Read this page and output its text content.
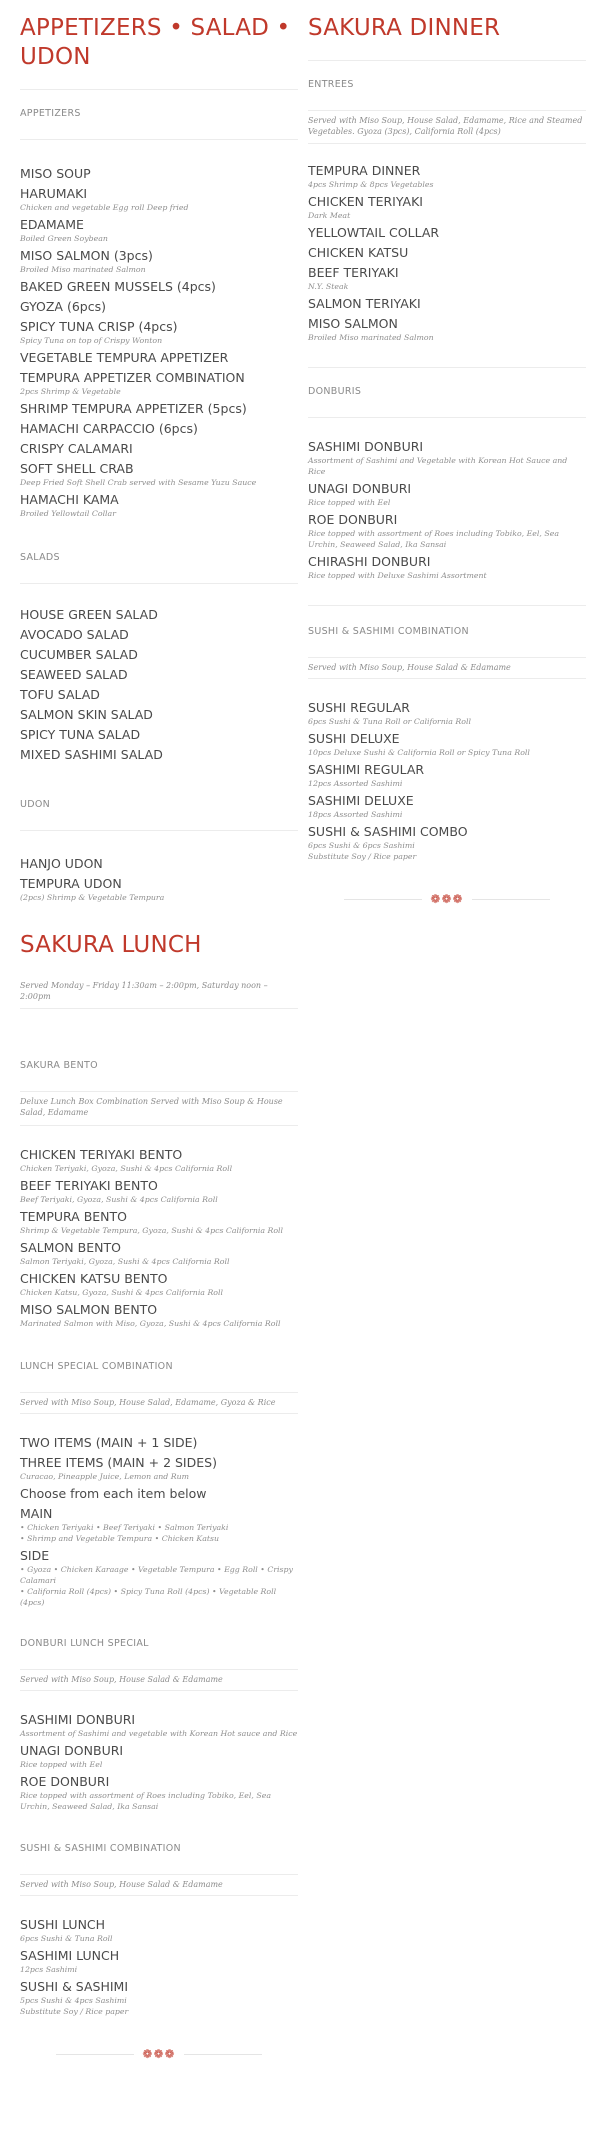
APPETIZERS • SALAD •
UDON
APPETIZERS
MISO SOUP
HARUMAKI
Chicken and vegetable Egg roll Deep fried
EDAMAME
Boiled Green Soybean
MISO SALMON (3pcs)
Broiled Miso marinated Salmon
BAKED GREEN MUSSELS (4pcs)
GYOZA (6pcs)
SPICY TUNA CRISP (4pcs)
Spicy Tuna on top of Crispy Wonton
VEGETABLE TEMPURA APPETIZER
TEMPURA APPETIZER COMBINATION
2pcs Shrimp & Vegetable
SHRIMP TEMPURA APPETIZER (5pcs)
HAMACHI CARPACCIO (6pcs)
CRISPY CALAMARI
SOFT SHELL CRAB
Deep Fried Soft Shell Crab served with Sesame Yuzu Sauce
HAMACHI KAMA
Broiled Yellowtail Collar
SALADS
HOUSE GREEN SALAD
AVOCADO SALAD
CUCUMBER SALAD
SEAWEED SALAD
TOFU SALAD
SALMON SKIN SALAD
SPICY TUNA SALAD
MIXED SASHIMI SALAD
UDON
HANJO UDON
TEMPURA UDON
(2pcs) Shrimp & Vegetable Tempura
SAKURA LUNCH
Served Monday – Friday 11:30am – 2:00pm, Saturday noon – 2:00pm
SAKURA BENTO
Deluxe Lunch Box Combination Served with Miso Soup & House Salad, Edamame
CHICKEN TERIYAKI BENTO
Chicken Teriyaki, Gyoza, Sushi & 4pcs California Roll
BEEF TERIYAKI BENTO
Beef Teriyaki, Gyoza, Sushi & 4pcs California Roll
TEMPURA BENTO
Shrimp & Vegetable Tempura, Gyoza, Sushi & 4pcs California Roll
SALMON BENTO
Salmon Teriyaki, Gyoza, Sushi & 4pcs California Roll
CHICKEN KATSU BENTO
Chicken Katsu, Gyoza, Sushi & 4pcs California Roll
MISO SALMON BENTO
Marinated Salmon with Miso, Gyoza, Sushi & 4pcs California Roll
LUNCH SPECIAL COMBINATION
Served with Miso Soup, House Salad, Edamame, Gyoza & Rice
TWO ITEMS (MAIN + 1 SIDE)
THREE ITEMS (MAIN + 2 SIDES)
Curacao, Pineapple Juice, Lemon and Rum
Choose from each item below
MAIN
• Chicken Teriyaki • Beef Teriyaki • Salmon Teriyaki
• Shrimp and Vegetable Tempura • Chicken Katsu
SIDE
• Gyoza • Chicken Karaage • Vegetable Tempura • Egg Roll • Crispy
Calamari
• California Roll (4pcs) • Spicy Tuna Roll (4pcs) • Vegetable Roll (4pcs)
DONBURI LUNCH SPECIAL
Served with Miso Soup, House Salad & Edamame
SASHIMI DONBURI
Assortment of Sashimi and vegetable with Korean Hot sauce and Rice
UNAGI DONBURI
Rice topped with Eel
ROE DONBURI
Rice topped with assortment of Roes including Tobiko, Eel, Sea Urchin, Seaweed Salad, Ika Sansai
SUSHI & SASHIMI COMBINATION
Served with Miso Soup, House Salad & Edamame
SUSHI LUNCH
6pcs Sushi & Tuna Roll
SASHIMI LUNCH
12pcs Sashimi
SUSHI & SASHIMI
5pcs Sushi & 4pcs Sashimi
Substitute Soy / Rice paper
❁❁❁
SAKURA DINNER
ENTREES
Served with Miso Soup, House Salad, Edamame, Rice and Steamed Vegetables. Gyoza (3pcs), California Roll (4pcs)
TEMPURA DINNER
4pcs Shrimp & 8pcs Vegetables
CHICKEN TERIYAKI
Dark Meat
YELLOWTAIL COLLAR
CHICKEN KATSU
BEEF TERIYAKI
N.Y. Steak
SALMON TERIYAKI
MISO SALMON
Broiled Miso marinated Salmon
DONBURIS
SASHIMI DONBURI
Assortment of Sashimi and Vegetable with Korean Hot Sauce and Rice
UNAGI DONBURI
Rice topped with Eel
ROE DONBURI
Rice topped with assortment of Roes including Tobiko, Eel, Sea Urchin, Seaweed Salad, Ika Sansai
CHIRASHI DONBURI
Rice topped with Deluxe Sashimi Assortment
SUSHI & SASHIMI COMBINATION
Served with Miso Soup, House Salad & Edamame
SUSHI REGULAR
6pcs Sushi & Tuna Roll or California Roll
SUSHI DELUXE
10pcs Deluxe Sushi & California Roll or Spicy Tuna Roll
SASHIMI REGULAR
12pcs Assorted Sashimi
SASHIMI DELUXE
18pcs Assorted Sashimi
SUSHI & SASHIMI COMBO
6pcs Sushi & 6pcs Sashimi
Substitute Soy / Rice paper
❁❁❁
